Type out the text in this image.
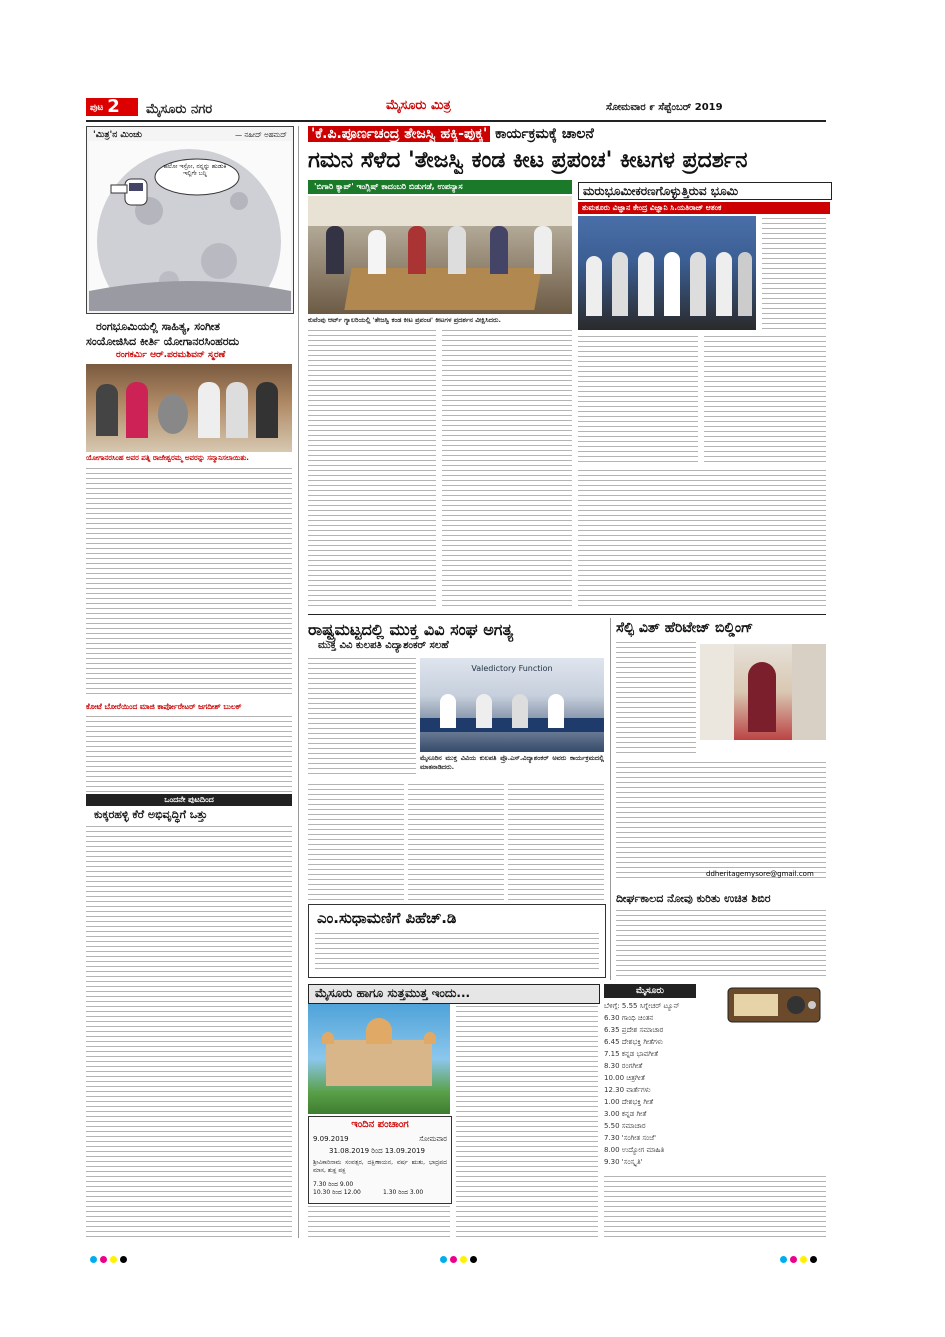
ಪುಟ 2	ಮೈಸೂರು ನಗರ	ಮೈಸೂರು ಮಿತ್ರ	ಸೋಮವಾರ ೯ ಸೆಪ್ಟೆಂಬರ್ 2019
'ಮಿತ್ರ'ನ ಮಿಂಚು	— ನಹೀದ್ ಅಹಮದ್
ಹಲೋ ಇಸ್ರೋ, ನನ್ನನ್ನು ಹುಡುಕಿ ಇಲ್ಲಿಗೇ ಬನ್ನಿ
ರಂಗಭೂಮಿಯಲ್ಲಿ ಸಾಹಿತ್ಯ, ಸಂಗೀತ
ಸಂಯೋಜಿಸಿದ ಕೀರ್ತಿ ಯೋಗಾನರಸಿಂಹರದು
ರಂಗಕರ್ಮಿ ಆರ್.ಪರಮಶಿವನ್ ಸ್ಮರಣೆ
ಯೋಗಾನರಸಿಂಹ ಅವರ ಪತ್ನಿ ರಾಜೇಶ್ವರಮ್ಮ ಅವರನ್ನು ಸನ್ಮಾನಿಸಲಾಯಿತು.
ಕೋಟೆ ಬೋರೆಯಿಂದ ಮಾಜಿ ಕಾರ್ಪೋರೇಟರ್ ಜಗದೀಶ್ ಬುಲಕ್
ಒಂದನೇ ಪುಟದಿಂದ
ಕುಕ್ಕರಹಳ್ಳಿ ಕೆರೆ ಅಭಿವೃದ್ಧಿಗೆ ಒತ್ತು
'ಕೆ.ಪಿ.ಪೂರ್ಣಚಂದ್ರ ತೇಜಸ್ವಿ ಹಕ್ಕಿ-ಪುಕ್ಕ' ಕಾರ್ಯಕ್ರಮಕ್ಕೆ ಚಾಲನೆ
ಗಮನ ಸೆಳೆದ 'ತೇಜಸ್ವಿ ಕಂಡ ಕೀಟ ಪ್ರಪಂಚ' ಕೀಟಗಳ ಪ್ರದರ್ಶನ
'ಬಿಗಾರಿ ಕ್ಯಾಪ್' ಇಂಗ್ಲಿಷ್ ಕಾದಂಬರಿ ಬಿಡುಗಡೆ, ಉಪನ್ಯಾಸ
ಕುವೆಂಪು ಆರ್ಟ್ ಗ್ಯಾಲರಿಯಲ್ಲಿ 'ತೇಜಸ್ವಿ ಕಂಡ ಕೀಟ ಪ್ರಪಂಚ' ಕೀಟಗಳ ಪ್ರದರ್ಶನ ವೀಕ್ಷಿಸಿದರು.
ಮರುಭೂಮೀಕರಣಗೊಳ್ಳುತ್ತಿರುವ ಭೂಮಿ
ತುಮಕೂರು ವಿಜ್ಞಾನ ಕೇಂದ್ರ ವಿಜ್ಞಾನಿ ಸಿ.ಯತಿರಾಜ್ ಆತಂಕ
ರಾಷ್ಟ್ರಮಟ್ಟದಲ್ಲಿ ಮುಕ್ತ ವಿವಿ ಸಂಘ ಅಗತ್ಯ
ಮುಕ್ತ ವಿವಿ ಕುಲಪತಿ ವಿದ್ಯಾಶಂಕರ್ ಸಲಹೆ
Valedictory Function
ಮೈಸೂರಿನ ಮುಕ್ತ ವಿವಿಯ ಕುಲಪತಿ ಪ್ರೊ.ಎಸ್.ವಿದ್ಯಾಶಂಕರ್ ಅವರು ಕಾರ್ಯಕ್ರಮದಲ್ಲಿ ಮಾತನಾಡಿದರು.
ಎಂ.ಸುಧಾಮಣಿಗೆ ಪಿಹೆಚ್.ಡಿ
ಸೆಲ್ಫಿ ವಿತ್ ಹೆರಿಟೇಜ್ ಬಿಲ್ಡಿಂಗ್
ddheritagemysore@gmail.com
ದೀರ್ಘಕಾಲದ ನೋವು ಕುರಿತು ಉಚಿತ ಶಿಬಿರ
ಮೈಸೂರು ಹಾಗೂ ಸುತ್ತಮುತ್ತ ಇಂದು...
ಇಂದಿನ ಪಂಚಾಂಗ
9.09.2019	ಸೋಮವಾರ
31.08.2019 ರಿಂದ 13.09.2019
ಶ್ರೀವಿಕಾರಿನಾಮ ಸಂವತ್ಸರ, ದಕ್ಷಿಣಾಯನ, ವರ್ಷ ಋತು, ಭಾದ್ರಪದ ಮಾಸ, ಶುಕ್ಲ ಪಕ್ಷ
7.30 ರಿಂದ 9.00
10.30 ರಿಂದ 12.00	1.30 ರಿಂದ 3.00
ಮೈಸೂರು
ಬೆಳಿಗ್ಗೆ: 5.55 ಸಿಗ್ನೇಚರ್ ಟ್ಯೂನ್
6.30 ಗಾಂಧಿ ಚಿಂತನ
6.35 ಪ್ರದೇಶ ಸಮಾಚಾರ
6.45 ದೇಶಭಕ್ತಿ ಗೀತೆಗಳು
7.15 ಕನ್ನಡ ಭಾವಗೀತೆ
8.30 ರಂಗಗೀತೆ
10.00 ಚಿತ್ರಗೀತೆ
12.30 ವಾರ್ತೆಗಳು
1.00 ದೇಶಭಕ್ತಿ ಗೀತೆ
3.00 ಕನ್ನಡ ಗೀತೆ
5.50 ಸಮಾಚಾರ
7.30 'ಸಂಗೀತ ಸಂಜೆ'
8.00 ಉದ್ಯೋಗ ಮಾಹಿತಿ
9.30 'ಸಂಸ್ಕೃತಿ'
